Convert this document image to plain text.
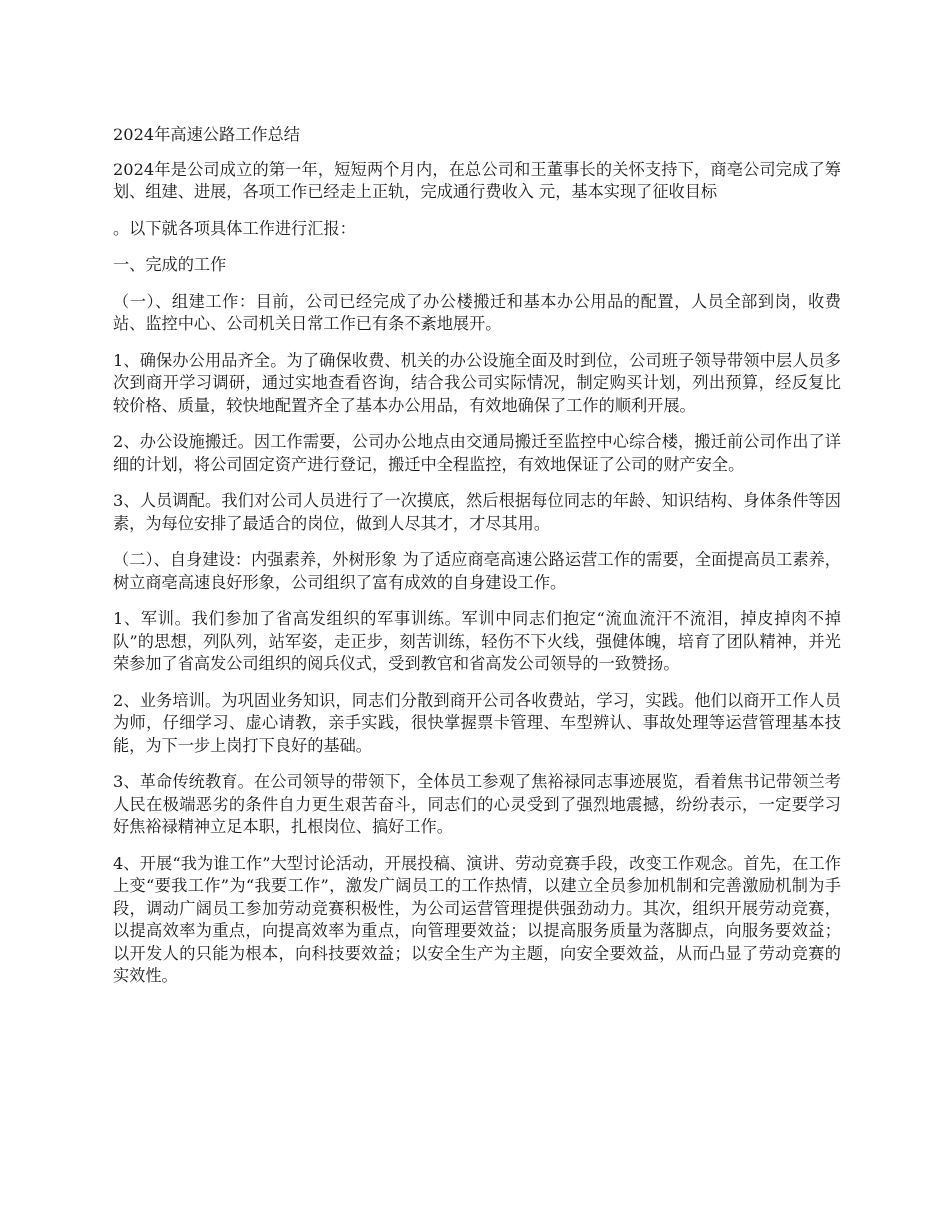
2024年高速公路工作总结

2024年是公司成立的第一年，短短两个月内，在总公司和王董事长的关怀支持下，商亳公司完成了筹划、组建、进展，各项工作已经走上正轨，完成通行费收入 元，基本实现了征收目标

。以下就各项具体工作进行汇报：

一、完成的工作

（一）、组建工作：目前，公司已经完成了办公楼搬迁和基本办公用品的配置，人员全部到岗，收费站、监控中心、公司机关日常工作已有条不紊地展开。

1、确保办公用品齐全。为了确保收费、机关的办公设施全面及时到位，公司班子领导带领中层人员多次到商开学习调研，通过实地查看咨询，结合我公司实际情况，制定购买计划，列出预算，经反复比较价格、质量，较快地配置齐全了基本办公用品，有效地确保了工作的顺利开展。

2、办公设施搬迁。因工作需要，公司办公地点由交通局搬迁至监控中心综合楼，搬迁前公司作出了详细的计划，将公司固定资产进行登记，搬迁中全程监控，有效地保证了公司的财产安全。

3、人员调配。我们对公司人员进行了一次摸底，然后根据每位同志的年龄、知识结构、身体条件等因素，为每位安排了最适合的岗位，做到人尽其才，才尽其用。

（二）、自身建设：内强素养，外树形象 为了适应商亳高速公路运营工作的需要，全面提高员工素养，树立商亳高速良好形象，公司组织了富有成效的自身建设工作。

1、军训。我们参加了省高发组织的军事训练。军训中同志们抱定“流血流汗不流泪，掉皮掉肉不掉队”的思想，列队列，站军姿，走正步，刻苦训练，轻伤不下火线，强健体魄，培育了团队精神，并光荣参加了省高发公司组织的阅兵仪式，受到教官和省高发公司领导的一致赞扬。

2、业务培训。为巩固业务知识，同志们分散到商开公司各收费站，学习，实践。他们以商开工作人员为师，仔细学习、虚心请教，亲手实践，很快掌握票卡管理、车型辨认、事故处理等运营管理基本技能，为下一步上岗打下良好的基础。

3、革命传统教育。在公司领导的带领下，全体员工参观了焦裕禄同志事迹展览，看着焦书记带领兰考人民在极端恶劣的条件自力更生艰苦奋斗，同志们的心灵受到了强烈地震撼，纷纷表示，一定要学习好焦裕禄精神立足本职，扎根岗位、搞好工作。

4、开展“我为谁工作”大型讨论活动，开展投稿、演讲、劳动竞赛手段，改变工作观念。首先，在工作上变“要我工作”为“我要工作”，激发广阔员工的工作热情，以建立全员参加机制和完善激励机制为手段，调动广阔员工参加劳动竞赛积极性，为公司运营管理提供强劲动力。其次，组织开展劳动竞赛，以提高效率为重点，向提高效率为重点，向管理要效益；以提高服务质量为落脚点，向服务要效益；以开发人的只能为根本，向科技要效益；以安全生产为主题，向安全要效益，从而凸显了劳动竞赛的实效性。
